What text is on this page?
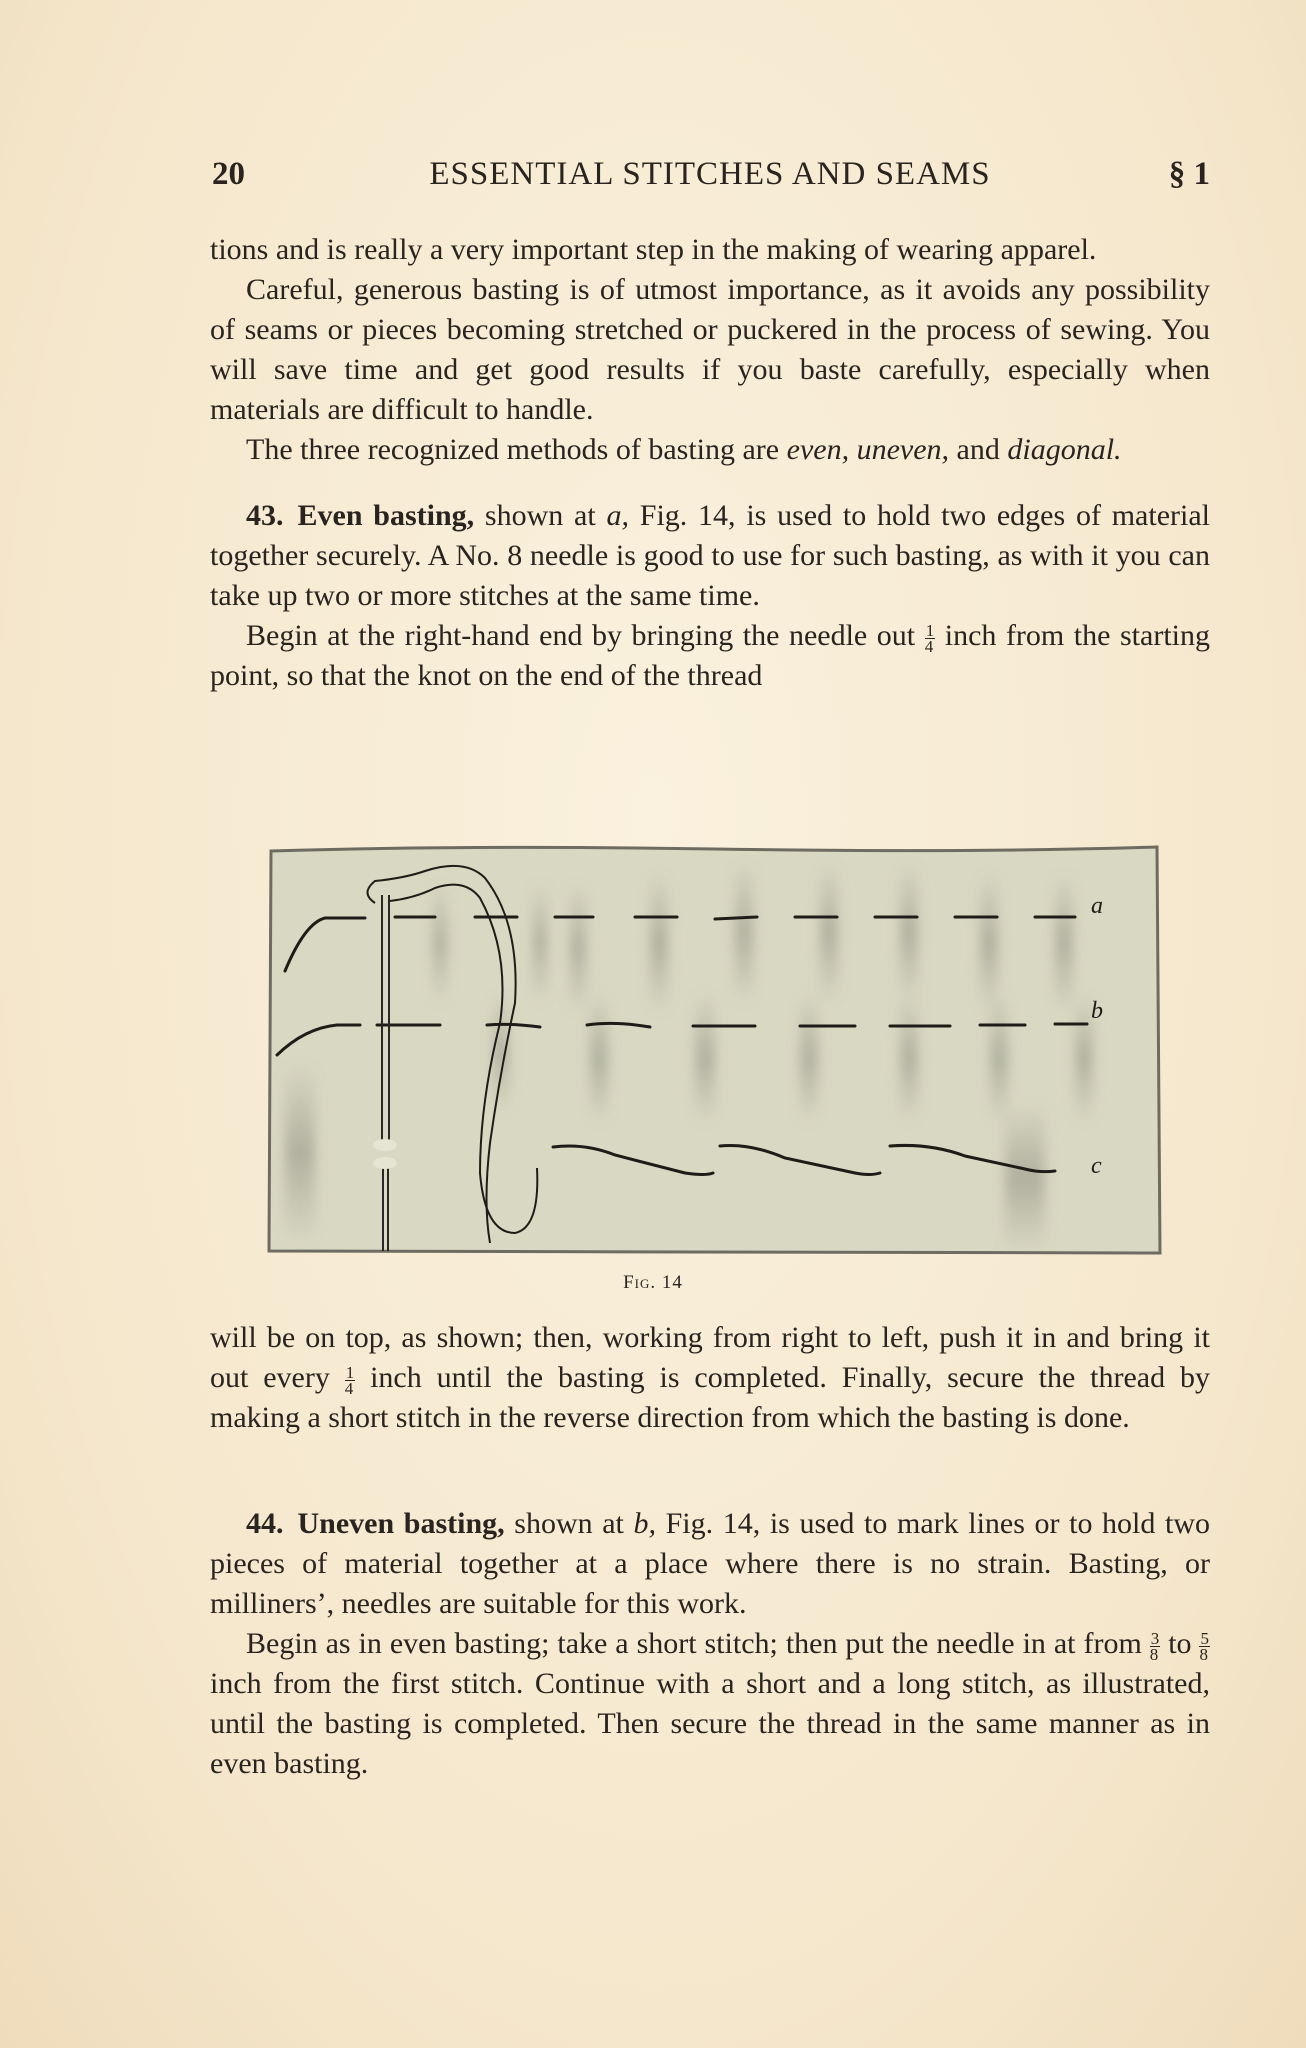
20	ESSENTIAL STITCHES AND SEAMS	§ 1

tions and is really a very important step in the making of wearing apparel.

Careful, generous basting is of utmost importance, as it avoids any possibility of seams or pieces becoming stretched or puckered in the process of sewing. You will save time and get good results if you baste carefully, especially when materials are difficult to handle.

The three recognized methods of basting are even, uneven, and diagonal.

43. Even basting, shown at a, Fig. 14, is used to hold two edges of material together securely. A No. 8 needle is good to use for such basting, as with it you can take up two or more stitches at the same time.

Begin at the right-hand end by bringing the needle out $\frac{1}{4}$ inch from the starting point, so that the knot on the end of the thread

a
b
c
Fig. 14

will be on top, as shown; then, working from right to left, push it in and bring it out every $\frac{1}{4}$ inch until the basting is completed. Finally, secure the thread by making a short stitch in the reverse direction from which the basting is done.

44. Uneven basting, shown at b, Fig. 14, is used to mark lines or to hold two pieces of material together at a place where there is no strain. Basting, or milliners’, needles are suitable for this work.

Begin as in even basting; take a short stitch; then put the needle in at from $\frac{3}{8}$ to $\frac{5}{8}$
inch from the first stitch. Continue with a short and a long stitch, as illustrated, until the basting is completed. Then secure the thread in the same manner as in even basting.
